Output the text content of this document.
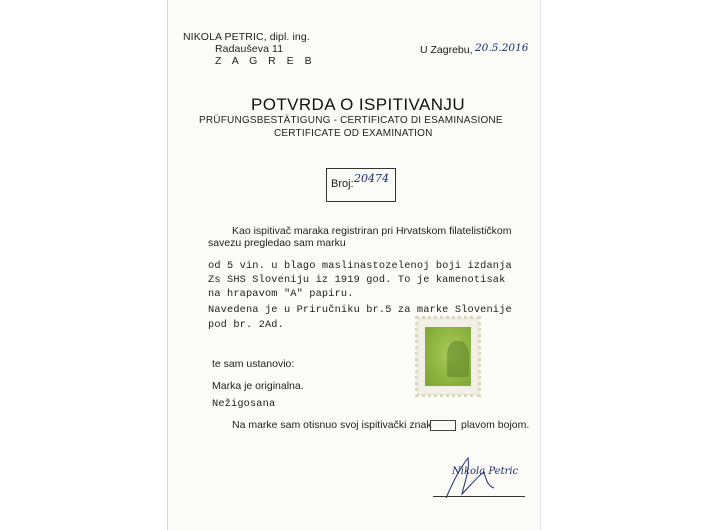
NIKOLA PETRIC, dipl. ing.
Radauševa 11
Z A G R E B
U Zagrebu, 20.5.2016
POTVRDA O ISPITIVANJU
PRÜFUNGSBESTÄTIGUNG - CERTIFICATO DI ESAMINASIONE
CERTIFICATE OD EXAMINATION
Broj: 20474
Kao ispitivač maraka registriran pri Hrvatskom filatelističkom
savezu pregledao sam marku
od 5 vin. u blago maslinastozelenoj boji izdanja
Zs SHS Sloveniju iz 1919 god. To je kamenotisak
na hrapavom "A" papiru.
Navedena je u Priručniku br.5 za marke Slovenije
pod br. 2Ad.
te sam ustanovio:
Marka je originalna.
Nežigosana
Na marke sam otisnuo svoj ispitivački znak	plavom bojom.
Nikola Petric
